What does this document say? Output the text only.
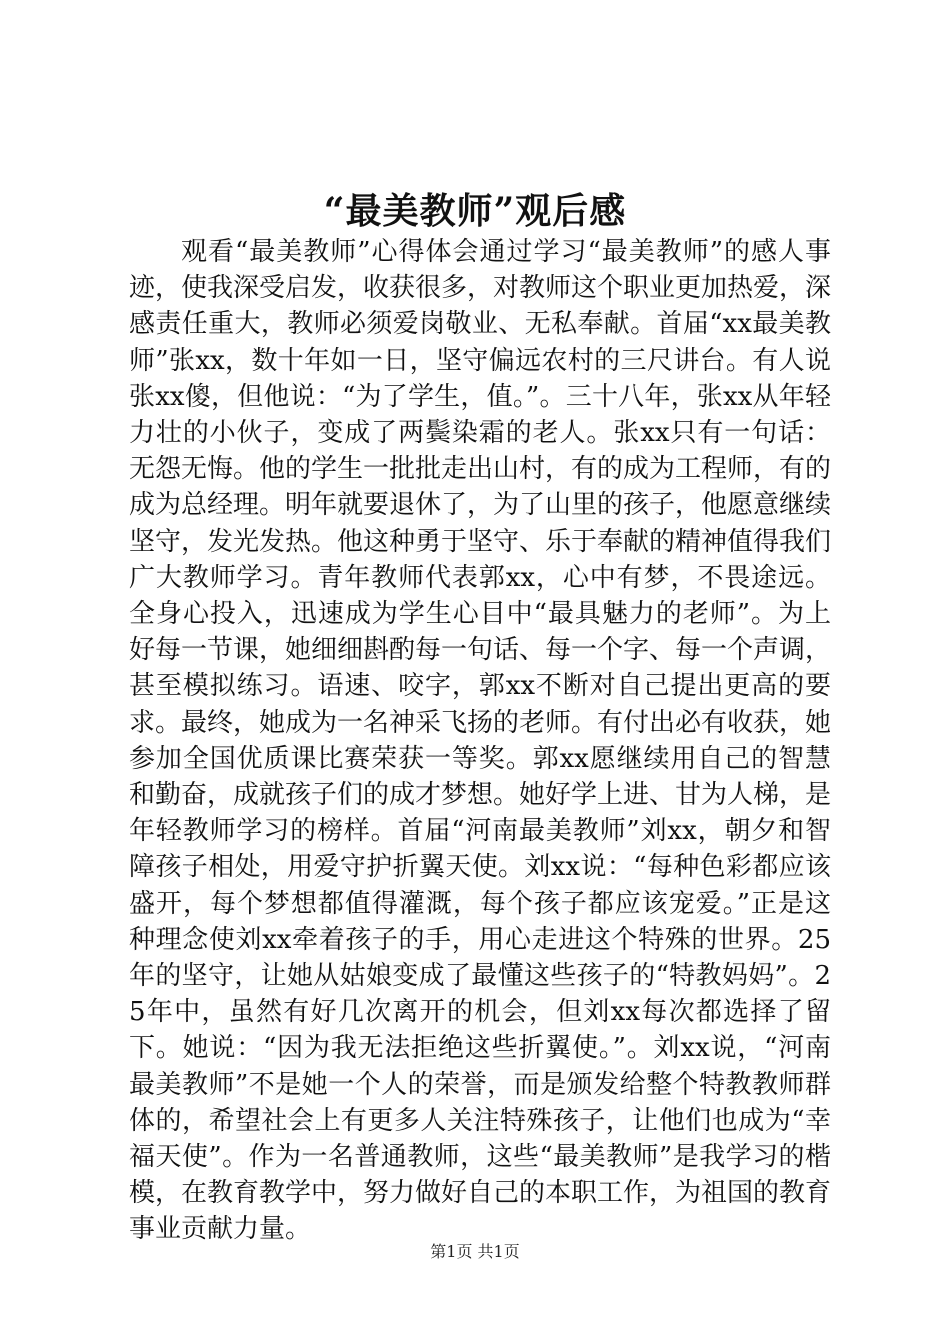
“最美教师”观后感

观看“最美教师”心得体会通过学习“最美教师”的感人事迹，使我深受启发，收获很多，对教师这个职业更加热爱，深感责任重大，教师必须爱岗敬业、无私奉献。首届“xx最美教师”张xx，数十年如一日，坚守偏远农村的三尺讲台。有人说张xx傻，但他说：“为了学生，值。”。三十八年，张xx从年轻力壮的小伙子，变成了两鬓染霜的老人。张xx只有一句话：无怨无悔。他的学生一批批走出山村，有的成为工程师，有的成为总经理。明年就要退休了，为了山里的孩子，他愿意继续坚守，发光发热。他这种勇于坚守、乐于奉献的精神值得我们广大教师学习。青年教师代表郭xx，心中有梦，不畏途远。全身心投入，迅速成为学生心目中“最具魅力的老师”。为上好每一节课，她细细斟酌每一句话、每一个字、每一个声调，甚至模拟练习。语速、咬字，郭xx不断对自己提出更高的要求。最终，她成为一名神采飞扬的老师。有付出必有收获，她参加全国优质课比赛荣获一等奖。郭xx愿继续用自己的智慧和勤奋，成就孩子们的成才梦想。她好学上进、甘为人梯，是年轻教师学习的榜样。首届“河南最美教师”刘xx，朝夕和智障孩子相处，用爱守护折翼天使。刘xx说：“每种色彩都应该盛开，每个梦想都值得灌溉，每个孩子都应该宠爱。”正是这种理念使刘xx牵着孩子的手，用心走进这个特殊的世界。25年的坚守，让她从姑娘变成了最懂这些孩子的“特教妈妈”。25年中，虽然有好几次离开的机会，但刘xx每次都选择了留下。她说：“因为我无法拒绝这些折翼使。”。刘xx说，“河南最美教师”不是她一个人的荣誉，而是颁发给整个特教教师群体的，希望社会上有更多人关注特殊孩子，让他们也成为“幸福天使”。作为一名普通教师，这些“最美教师”是我学习的楷模，在教育教学中，努力做好自己的本职工作，为祖国的教育事业贡献力量。

第1页 共1页
